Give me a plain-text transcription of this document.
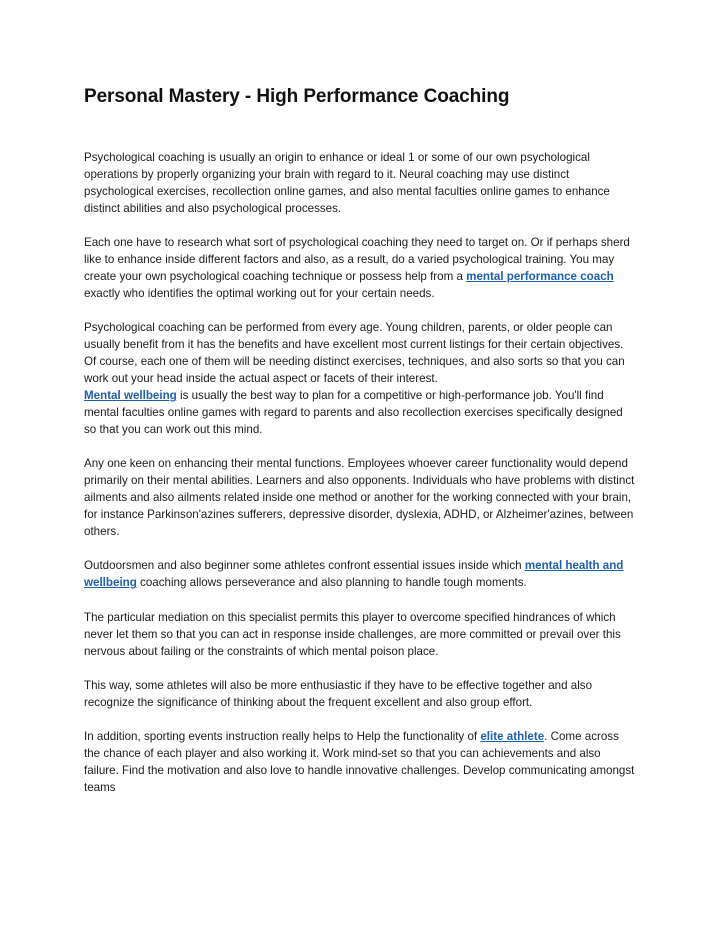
Personal Mastery - High Performance Coaching

Psychological coaching is usually an origin to enhance or ideal 1 or some of our own psychological operations by properly organizing your brain with regard to it. Neural coaching may use distinct psychological exercises, recollection online games, and also mental faculties online games to enhance distinct abilities and also psychological processes.

Each one have to research what sort of psychological coaching they need to target on. Or if perhaps sherd like to enhance inside different factors and also, as a result, do a varied psychological training. You may create your own psychological coaching technique or possess help from a mental performance coach exactly who identifies the optimal working out for your certain needs.

Psychological coaching can be performed from every age. Young children, parents, or older people can usually benefit from it has the benefits and have excellent most current listings for their certain objectives. Of course, each one of them will be needing distinct exercises, techniques, and also sorts so that you can work out your head inside the actual aspect or facets of their interest.
Mental wellbeing is usually the best way to plan for a competitive or high-performance job. You'll find mental faculties online games with regard to parents and also recollection exercises specifically designed so that you can work out this mind.

Any one keen on enhancing their mental functions. Employees whoever career functionality would depend primarily on their mental abilities. Learners and also opponents. Individuals who have problems with distinct ailments and also ailments related inside one method or another for the working connected with your brain, for instance Parkinson'azines sufferers, depressive disorder, dyslexia, ADHD, or Alzheimer'azines, between others.

Outdoorsmen and also beginner some athletes confront essential issues inside which mental health and wellbeing coaching allows perseverance and also planning to handle tough moments.

The particular mediation on this specialist permits this player to overcome specified hindrances of which never let them so that you can act in response inside challenges, are more committed or prevail over this nervous about failing or the constraints of which mental poison place.

This way, some athletes will also be more enthusiastic if they have to be effective together and also recognize the significance of thinking about the frequent excellent and also group effort.

In addition, sporting events instruction really helps to Help the functionality of elite athlete. Come across the chance of each player and also working it. Work mind-set so that you can achievements and also failure. Find the motivation and also love to handle innovative challenges. Develop communicating amongst teams
